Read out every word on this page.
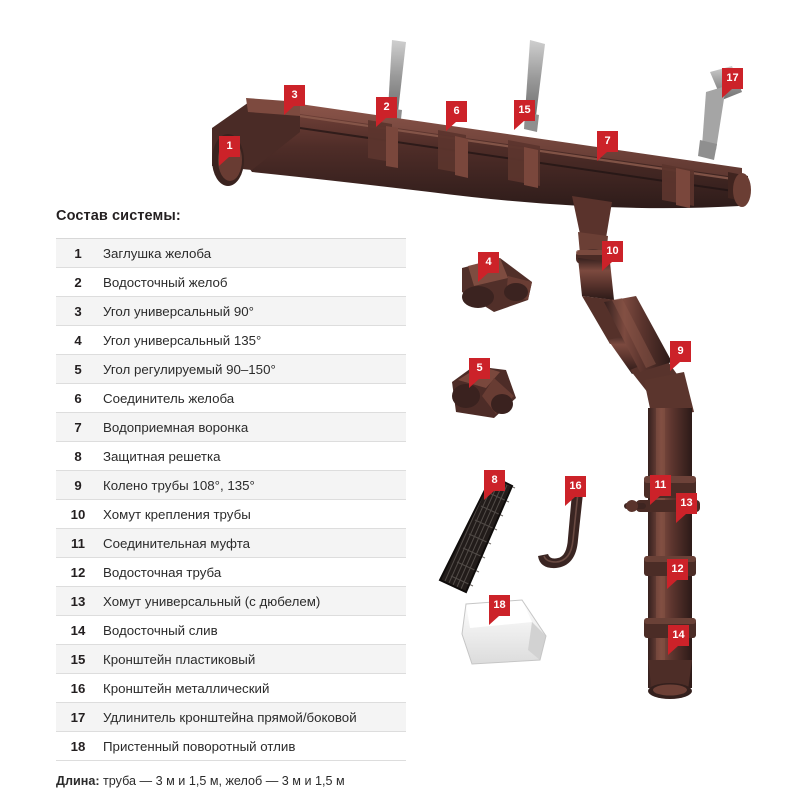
1
3
2	6	15
7
17
4
10
9
5
8	16	11
13
12
14
18
Состав системы:
1	Заглушка желоба
2	Водосточный желоб
3	Угол универсальный 90°
4	Угол универсальный 135°
5	Угол регулируемый 90–150°
6	Соединитель желоба
7	Водоприемная воронка
8	Защитная решетка
9	Колено трубы 108°, 135°
10	Хомут крепления трубы
11	Соединительная муфта
12	Водосточная труба
13	Хомут универсальный (с дюбелем)
14	Водосточный слив
15	Кронштейн пластиковый
16	Кронштейн металлический
17	Удлинитель кронштейна прямой/боковой
18	Пристенный поворотный отлив
Длина: труба — 3 м и 1,5 м, желоб — 3 м и 1,5 м
